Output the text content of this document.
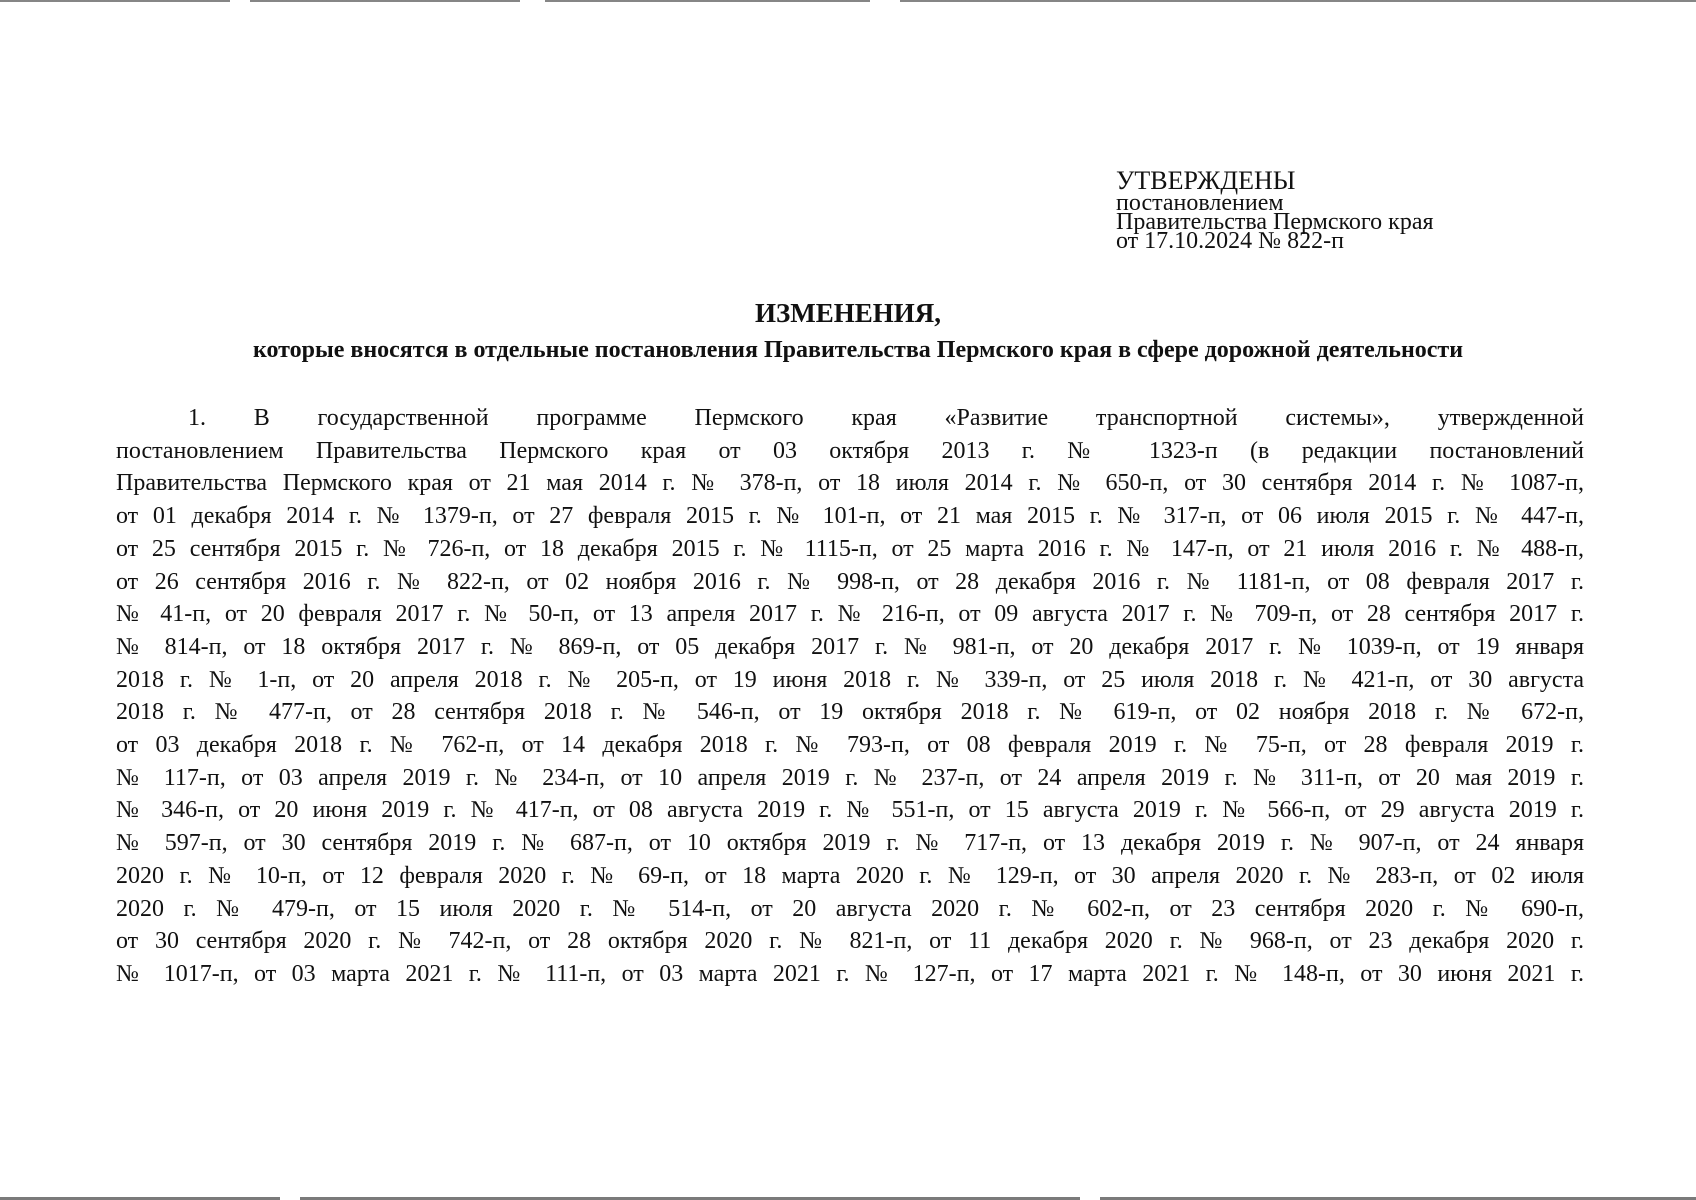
УТВЕРЖДЕНЫ
постановлением
Правительства Пермского края
от 17.10.2024 № 822-п
ИЗМЕНЕНИЯ,
которые вносятся в отдельные постановления Правительства Пермского края в сфере дорожной деятельности
1. В государственной программе Пермского края «Развитие транспортной системы», утвержденной
постановлением Правительства Пермского края от 03 октября 2013 г. № 1323-п (в редакции постановлений
Правительства Пермского края от 21 мая 2014 г. № 378-п, от 18 июля 2014 г. № 650-п, от 30 сентября 2014 г. № 1087-п,
от 01 декабря 2014 г. № 1379-п, от 27 февраля 2015 г. № 101-п, от 21 мая 2015 г. № 317-п, от 06 июля 2015 г. № 447-п,
от 25 сентября 2015 г. № 726-п, от 18 декабря 2015 г. № 1115-п, от 25 марта 2016 г. № 147-п, от 21 июля 2016 г. № 488-п,
от 26 сентября 2016 г. № 822-п, от 02 ноября 2016 г. № 998-п, от 28 декабря 2016 г. № 1181-п, от 08 февраля 2017 г.
№ 41-п, от 20 февраля 2017 г. № 50-п, от 13 апреля 2017 г. № 216-п, от 09 августа 2017 г. № 709-п, от 28 сентября 2017 г.
№ 814-п, от 18 октября 2017 г. № 869-п, от 05 декабря 2017 г. № 981-п, от 20 декабря 2017 г. № 1039-п, от 19 января
2018 г. № 1-п, от 20 апреля 2018 г. № 205-п, от 19 июня 2018 г. № 339-п, от 25 июля 2018 г. № 421-п, от 30 августа
2018 г. № 477-п, от 28 сентября 2018 г. № 546-п, от 19 октября 2018 г. № 619-п, от 02 ноября 2018 г. № 672-п,
от 03 декабря 2018 г. № 762-п, от 14 декабря 2018 г. № 793-п, от 08 февраля 2019 г. № 75-п, от 28 февраля 2019 г.
№ 117-п, от 03 апреля 2019 г. № 234-п, от 10 апреля 2019 г. № 237-п, от 24 апреля 2019 г. № 311-п, от 20 мая 2019 г.
№ 346-п, от 20 июня 2019 г. № 417-п, от 08 августа 2019 г. № 551-п, от 15 августа 2019 г. № 566-п, от 29 августа 2019 г.
№ 597-п, от 30 сентября 2019 г. № 687-п, от 10 октября 2019 г. № 717-п, от 13 декабря 2019 г. № 907-п, от 24 января
2020 г. № 10-п, от 12 февраля 2020 г. № 69-п, от 18 марта 2020 г. № 129-п, от 30 апреля 2020 г. № 283-п, от 02 июля
2020 г. № 479-п, от 15 июля 2020 г. № 514-п, от 20 августа 2020 г. № 602-п, от 23 сентября 2020 г. № 690-п,
от 30 сентября 2020 г. № 742-п, от 28 октября 2020 г. № 821-п, от 11 декабря 2020 г. № 968-п, от 23 декабря 2020 г.
№ 1017-п, от 03 марта 2021 г. № 111-п, от 03 марта 2021 г. № 127-п, от 17 марта 2021 г. № 148-п, от 30 июня 2021 г.
